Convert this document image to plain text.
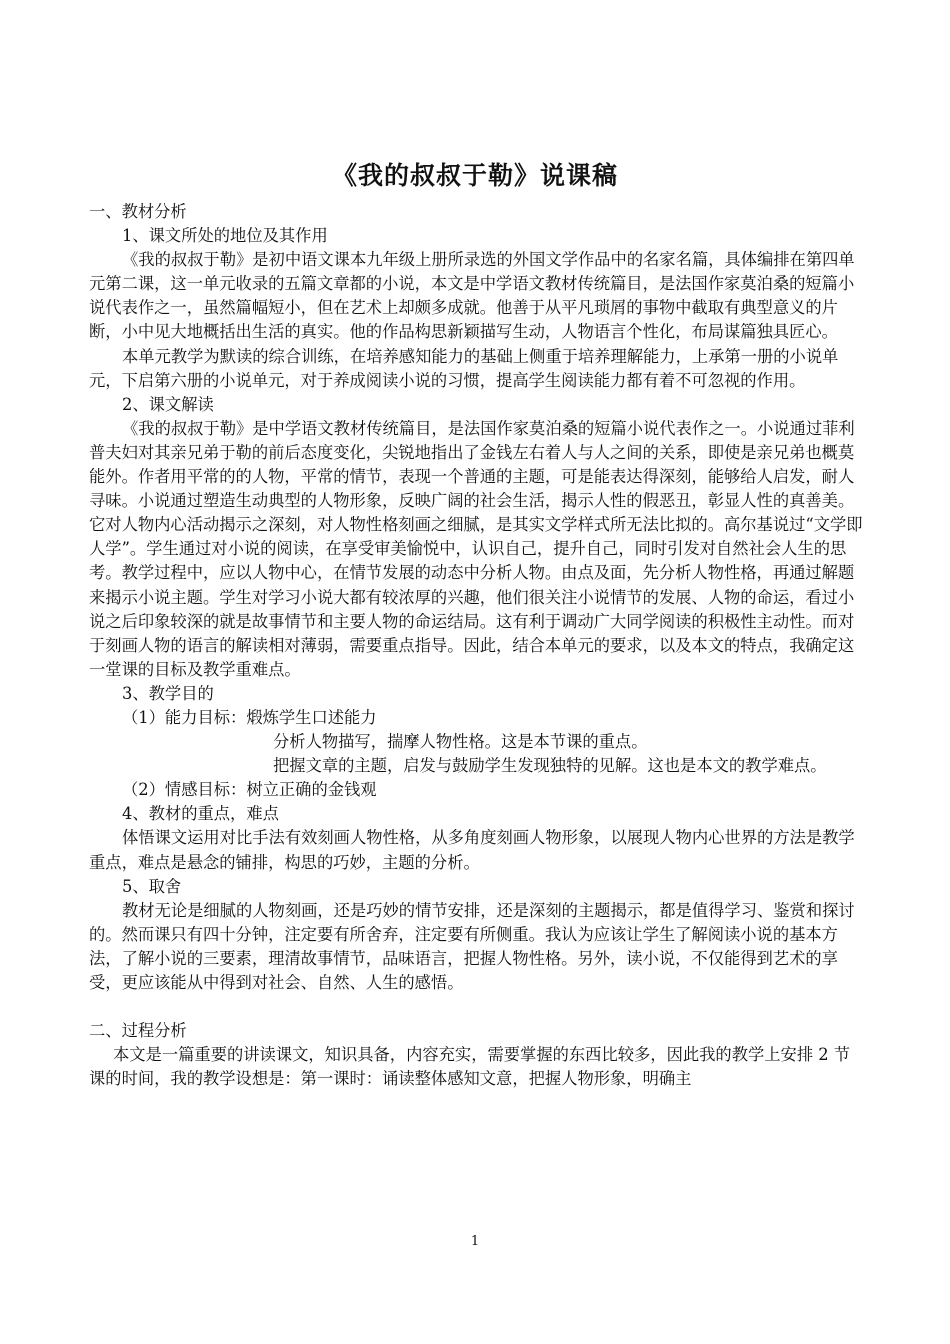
《我的叔叔于勒》说课稿

一、教材分析

1、课文所处的地位及其作用

《我的叔叔于勒》是初中语文课本九年级上册所录选的外国文学作品中的名家名篇，具体编排在第四单元第二课，这一单元收录的五篇文章都的小说，本文是中学语文教材传统篇目，是法国作家莫泊桑的短篇小说代表作之一，虽然篇幅短小，但在艺术上却颇多成就。他善于从平凡琐屑的事物中截取有典型意义的片断，小中见大地概括出生活的真实。他的作品构思新颖描写生动，人物语言个性化，布局谋篇独具匠心。

本单元教学为默读的综合训练，在培养感知能力的基础上侧重于培养理解能力，上承第一册的小说单元，下启第六册的小说单元，对于养成阅读小说的习惯，提高学生阅读能力都有着不可忽视的作用。

2、课文解读

《我的叔叔于勒》是中学语文教材传统篇目，是法国作家莫泊桑的短篇小说代表作之一。小说通过菲利普夫妇对其亲兄弟于勒的前后态度变化，尖锐地指出了金钱左右着人与人之间的关系，即使是亲兄弟也概莫能外。作者用平常的的人物，平常的情节，表现一个普通的主题，可是能表达得深刻，能够给人启发，耐人寻味。小说通过塑造生动典型的人物形象，反映广阔的社会生活，揭示人性的假恶丑，彰显人性的真善美。它对人物内心活动揭示之深刻，对人物性格刻画之细腻，是其实文学样式所无法比拟的。高尔基说过“文学即人学”。学生通过对小说的阅读，在享受审美愉悦中，认识自己，提升自己，同时引发对自然社会人生的思考。教学过程中，应以人物中心，在情节发展的动态中分析人物。由点及面，先分析人物性格，再通过解题来揭示小说主题。学生对学习小说大都有较浓厚的兴趣，他们很关注小说情节的发展、人物的命运，看过小说之后印象较深的就是故事情节和主要人物的命运结局。这有利于调动广大同学阅读的积极性主动性。而对于刻画人物的语言的解读相对薄弱，需要重点指导。因此，结合本单元的要求，以及本文的特点，我确定这一堂课的目标及教学重难点。

3、教学目的

（1）能力目标：煅炼学生口述能力

分析人物描写，揣摩人物性格。这是本节课的重点。

把握文章的主题，启发与鼓励学生发现独特的见解。这也是本文的教学难点。

（2）情感目标：树立正确的金钱观

4、教材的重点，难点

体悟课文运用对比手法有效刻画人物性格，从多角度刻画人物形象，以展现人物内心世界的方法是教学重点，难点是悬念的铺排，构思的巧妙，主题的分析。

5、取舍

教材无论是细腻的人物刻画，还是巧妙的情节安排，还是深刻的主题揭示，都是值得学习、鉴赏和探讨的。然而课只有四十分钟，注定要有所舍弃，注定要有所侧重。我认为应该让学生了解阅读小说的基本方法，了解小说的三要素，理清故事情节，品味语言，把握人物性格。另外，读小说，不仅能得到艺术的享受，更应该能从中得到对社会、自然、人生的感悟。

二、过程分析

本文是一篇重要的讲读课文，知识具备，内容充实，需要掌握的东西比较多，因此我的教学上安排 2 节课的时间，我的教学设想是：第一课时：诵读整体感知文意，把握人物形象，明确主

1
